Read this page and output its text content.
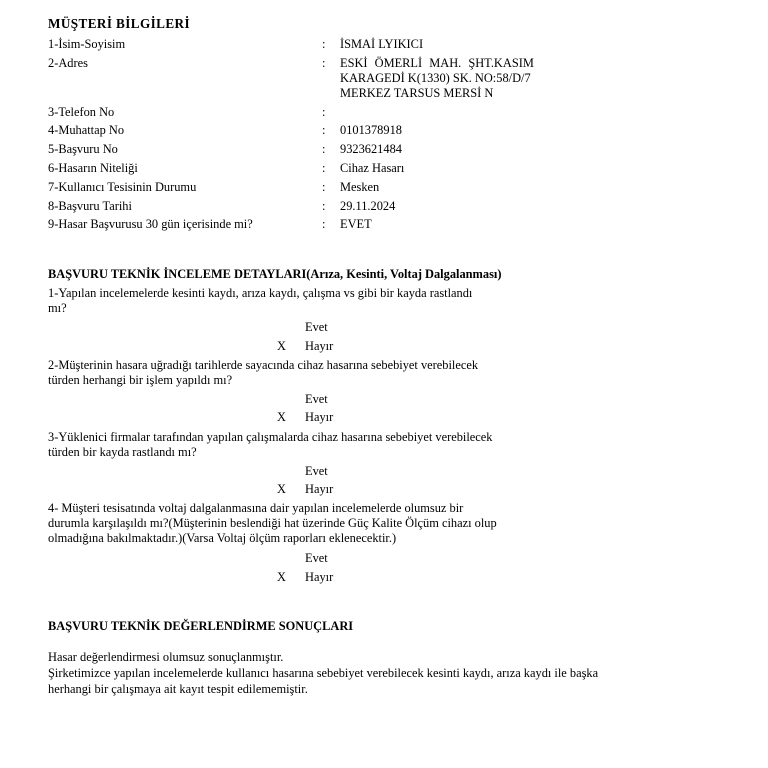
MÜŞTERİ BİLGİLERİ
1-İsim-Soyisim	:	İSMAİ LYIKICI
2-Adres	:	ESKİ ÖMERLİ MAH. ŞHT.KASIM
KARAGEDİ K(1330) SK. NO:58/D/7
MERKEZ TARSUS MERSİ N
3-Telefon No	:
4-Muhattap No	:	0101378918
5-Başvuru No	:	9323621484
6-Hasarın Niteliği	:	Cihaz Hasarı
7-Kullanıcı Tesisinin Durumu	:	Mesken
8-Başvuru Tarihi	:	29.11.2024
9-Hasar Başvurusu 30 gün içerisinde mi?	:	EVET
BAŞVURU TEKNİK İNCELEME DETAYLARI(Arıza, Kesinti, Voltaj Dalgalanması)
1-Yapılan incelemelerde kesinti kaydı, arıza kaydı, çalışma vs gibi bir kayda rastlandı
mı?
Evet
X Hayır
2-Müşterinin hasara uğradığı tarihlerde sayacında cihaz hasarına sebebiyet verebilecek
türden herhangi bir işlem yapıldı mı?
Evet
X Hayır
3-Yüklenici firmalar tarafından yapılan çalışmalarda cihaz hasarına sebebiyet verebilecek
türden bir kayda rastlandı mı?
Evet
X Hayır
4- Müşteri tesisatında voltaj dalgalanmasına dair yapılan incelemelerde olumsuz bir
durumla karşılaşıldı mı?(Müşterinin beslendiği hat üzerinde Güç Kalite Ölçüm cihazı olup
olmadığına bakılmaktadır.)(Varsa Voltaj ölçüm raporları eklenecektir.)
Evet
X Hayır
BAŞVURU TEKNİK DEĞERLENDİRME SONUÇLARI
Hasar değerlendirmesi olumsuz sonuçlanmıştır.
Şirketimizce yapılan incelemelerde kullanıcı hasarına sebebiyet verebilecek kesinti kaydı, arıza kaydı ile başka
herhangi bir çalışmaya ait kayıt tespit edilememiştir.
